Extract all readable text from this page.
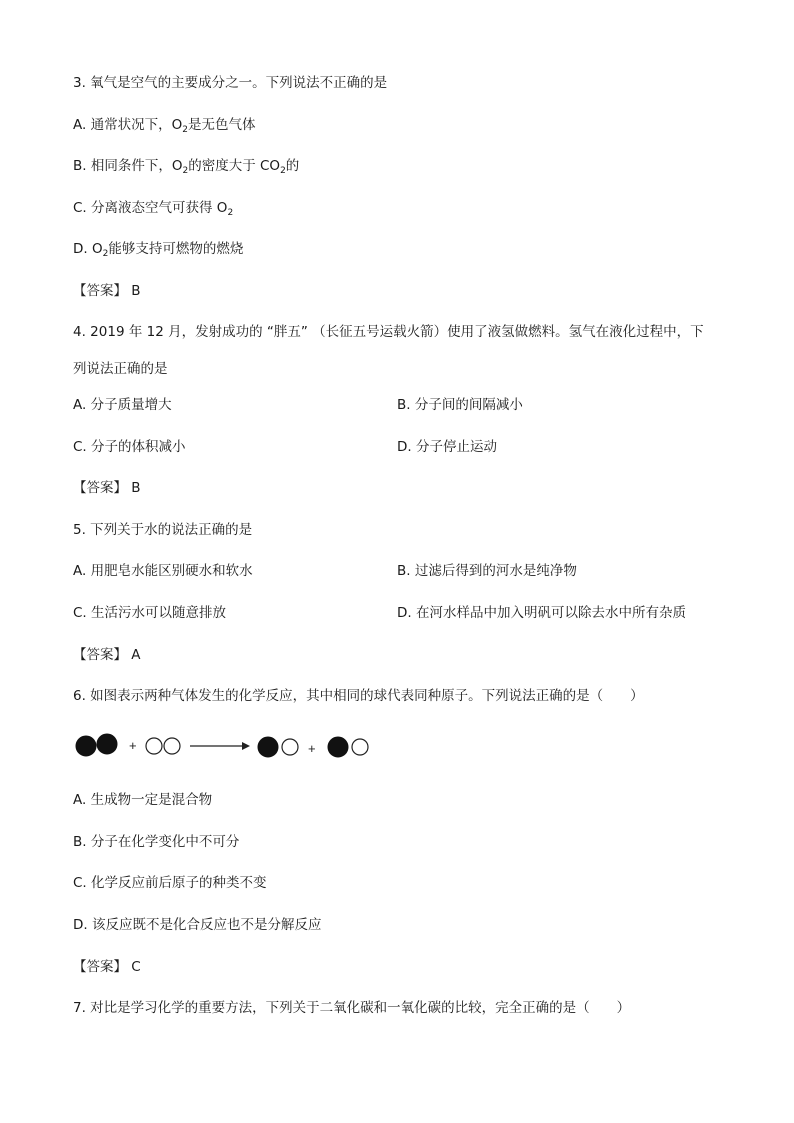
3. 氧气是空气的主要成分之一。下列说法不正确的是
A. 通常状况下，$O_2$是无色气体
B. 相同条件下，$O_2$的密度大于 $CO_2$的
C. 分离液态空气可获得 $O_2$
D. $O_2$能够支持可燃物的燃烧
【答案】 B
4. 2019 年 12 月，发射成功的 “胖五” （长征五号运载火箭）使用了液氢做燃料。氢气在液化过程中，下
列说法正确的是
A. 分子质量增大	B. 分子间的间隔减小
C. 分子的体积减小	D. 分子停止运动
【答案】 B
5. 下列关于水的说法正确的是
A. 用肥皂水能区别硬水和软水	B. 过滤后得到的河水是纯净物
C. 生活污水可以随意排放	D. 在河水样品中加入明矾可以除去水中所有杂质
【答案】 A
6. 如图表示两种气体发生的化学反应，其中相同的球代表同种原子。下列说法正确的是（　　）
+	+
A. 生成物一定是混合物
B. 分子在化学变化中不可分
C. 化学反应前后原子的种类不变
D. 该反应既不是化合反应也不是分解反应
【答案】 C
7. 对比是学习化学的重要方法，下列关于二氧化碳和一氧化碳的比较，完全正确的是（　　）
